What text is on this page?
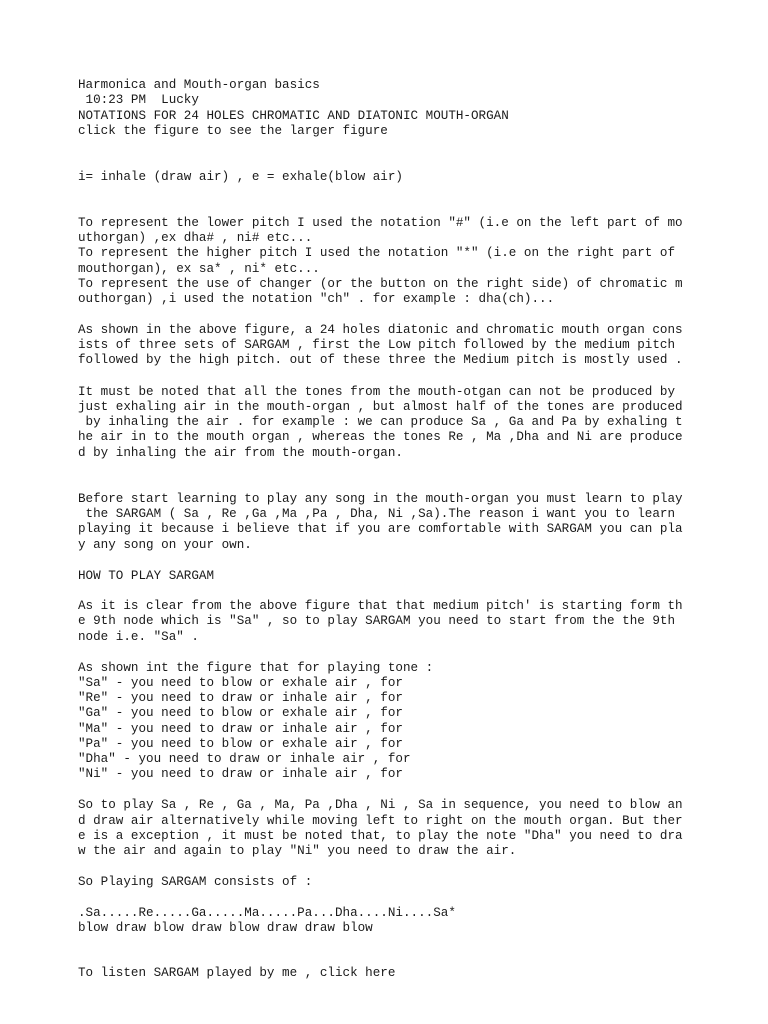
Harmonica and Mouth-organ basics
10:23 PM  Lucky
NOTATIONS FOR 24 HOLES CHROMATIC AND DIATONIC MOUTH-ORGAN
click the figure to see the larger figure
i= inhale (draw air) , e = exhale(blow air)
To represent the lower pitch I used the notation "#" (i.e on the left part of mo
uthorgan) ,ex dha# , ni# etc...
To represent the higher pitch I used the notation "*" (i.e on the right part of
mouthorgan), ex sa* , ni* etc...
To represent the use of changer (or the button on the right side) of chromatic m
outhorgan) ,i used the notation "ch" . for example : dha(ch)...
As shown in the above figure, a 24 holes diatonic and chromatic mouth organ cons
ists of three sets of SARGAM , first the Low pitch followed by the medium pitch
followed by the high pitch. out of these three the Medium pitch is mostly used .
It must be noted that all the tones from the mouth-otgan can not be produced by
just exhaling air in the mouth-organ , but almost half of the tones are produced
by inhaling the air . for example : we can produce Sa , Ga and Pa by exhaling t
he air in to the mouth organ , whereas the tones Re , Ma ,Dha and Ni are produce
d by inhaling the air from the mouth-organ.
Before start learning to play any song in the mouth-organ you must learn to play
the SARGAM ( Sa , Re ,Ga ,Ma ,Pa , Dha, Ni ,Sa).The reason i want you to learn
playing it because i believe that if you are comfortable with SARGAM you can pla
y any song on your own.
HOW TO PLAY SARGAM
As it is clear from the above figure that that medium pitch' is starting form th
e 9th node which is "Sa" , so to play SARGAM you need to start from the the 9th
node i.e. "Sa" .
As shown int the figure that for playing tone :
"Sa" - you need to blow or exhale air , for
"Re" - you need to draw or inhale air , for
"Ga" - you need to blow or exhale air , for
"Ma" - you need to draw or inhale air , for
"Pa" - you need to blow or exhale air , for
"Dha" - you need to draw or inhale air , for
"Ni" - you need to draw or inhale air , for
So to play Sa , Re , Ga , Ma, Pa ,Dha , Ni , Sa in sequence, you need to blow an
d draw air alternatively while moving left to right on the mouth organ. But ther
e is a exception , it must be noted that, to play the note "Dha" you need to dra
w the air and again to play "Ni" you need to draw the air.
So Playing SARGAM consists of :
.Sa.....Re.....Ga.....Ma.....Pa...Dha....Ni....Sa*
blow draw blow draw blow draw draw blow
To listen SARGAM played by me , click here
